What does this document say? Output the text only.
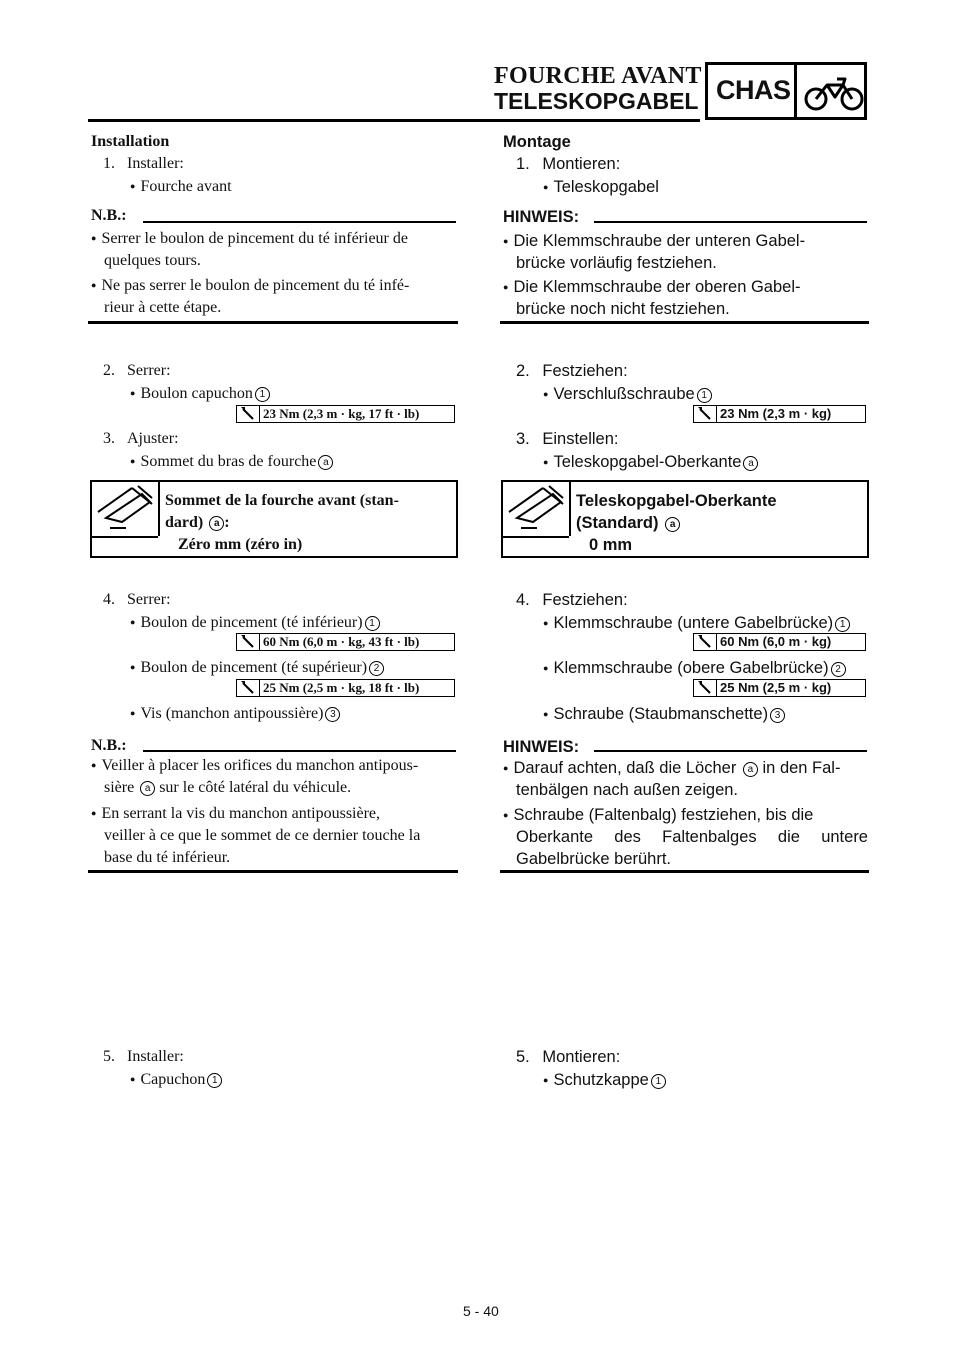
FOURCHE AVANT
TELESKOPGABEL CHAS
Installation
1. Installer:
● Fourche avant
N.B.:
● Serrer le boulon de pincement du té inférieur de
quelques tours.
● Ne pas serrer le boulon de pincement du té infé-
rieur à cette étape.
2. Serrer:
● Boulon capuchon 1
23 Nm (2,3 m · kg, 17 ft · lb)
3. Ajuster:
● Sommet du bras de fourche a
Sommet de la fourche avant (stan-
dard) a :
Zéro mm (zéro in)
4. Serrer:
● Boulon de pincement (té inférieur) 1
60 Nm (6,0 m · kg, 43 ft · lb)
● Boulon de pincement (té supérieur) 2
25 Nm (2,5 m · kg, 18 ft · lb)
● Vis (manchon antipoussière) 3
N.B.:
● Veiller à placer les orifices du manchon antipous-
sière a sur le côté latéral du véhicule.
● En serrant la vis du manchon antipoussière,
veiller à ce que le sommet de ce dernier touche la
base du té inférieur.
5. Installer:
● Capuchon 1
Montage
1. Montieren:
● Teleskopgabel
HINWEIS:
● Die Klemmschraube der unteren Gabel-
brücke vorläufig festziehen.
● Die Klemmschraube der oberen Gabel-
brücke noch nicht festziehen.
2. Festziehen:
● Verschlußschraube 1
23 Nm (2,3 m · kg)
3. Einstellen:
● Teleskopgabel-Oberkante a
Teleskopgabel-Oberkante
(Standard) a
0 mm
4. Festziehen:
● Klemmschraube (untere Gabelbrücke) 1
60 Nm (6,0 m · kg)
● Klemmschraube (obere Gabelbrücke) 2
25 Nm (2,5 m · kg)
● Schraube (Staubmanschette) 3
HINWEIS:
● Darauf achten, daß die Löcher a in den Fal-
tenbälgen nach außen zeigen.
● Schraube (Faltenbalg) festziehen, bis die
Oberkante des Faltenbalges die untere
Gabelbrücke berührt.
5. Montieren:
● Schutzkappe 1
5 - 40
